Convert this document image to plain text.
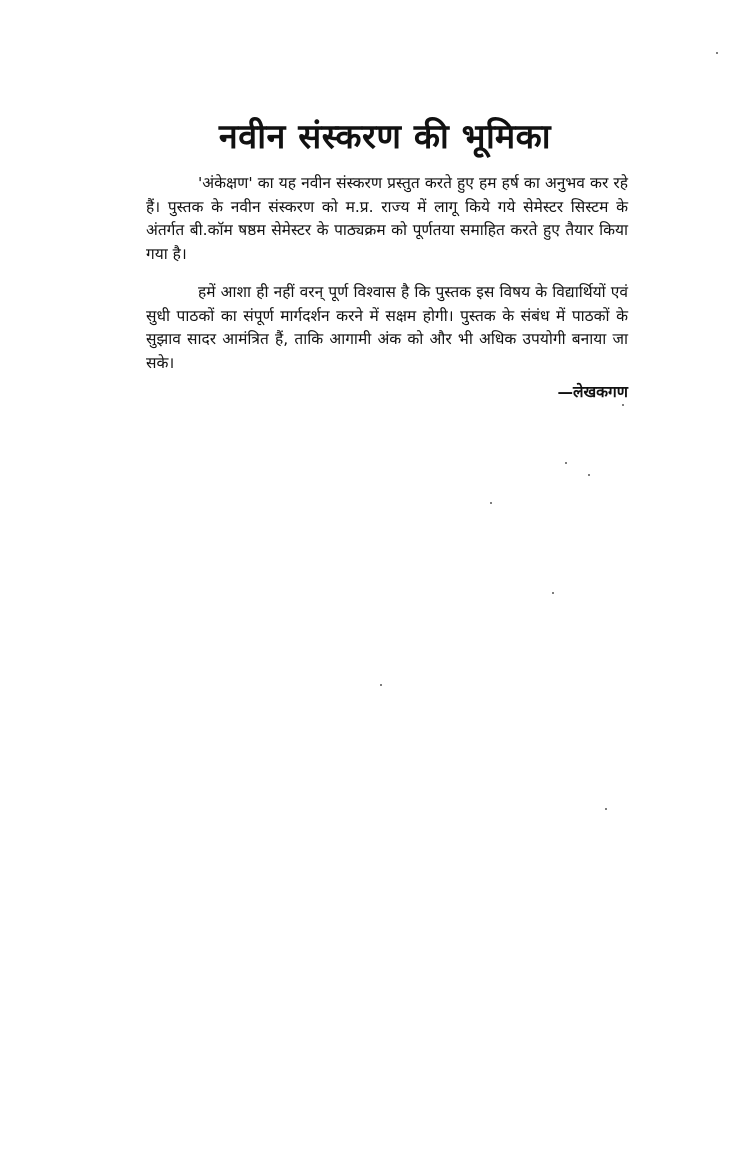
नवीन संस्करण की भूमिका

'अंकेक्षण' का यह नवीन संस्करण प्रस्तुत करते हुए हम हर्ष का अनुभव कर रहे हैं। पुस्तक के नवीन संस्करण को म.प्र. राज्य में लागू किये गये सेमेस्टर सिस्टम के अंतर्गत बी.कॉम षष्ठम सेमेस्टर के पाठ्यक्रम को पूर्णतया समाहित करते हुए तैयार किया गया है।

हमें आशा ही नहीं वरन् पूर्ण विश्वास है कि पुस्तक इस विषय के विद्यार्थियों एवं सुधी पाठकों का संपूर्ण मार्गदर्शन करने में सक्षम होगी। पुस्तक के संबंध में पाठकों के सुझाव सादर आमंत्रित हैं, ताकि आगामी अंक को और भी अधिक उपयोगी बनाया जा सके।

—लेखकगण
